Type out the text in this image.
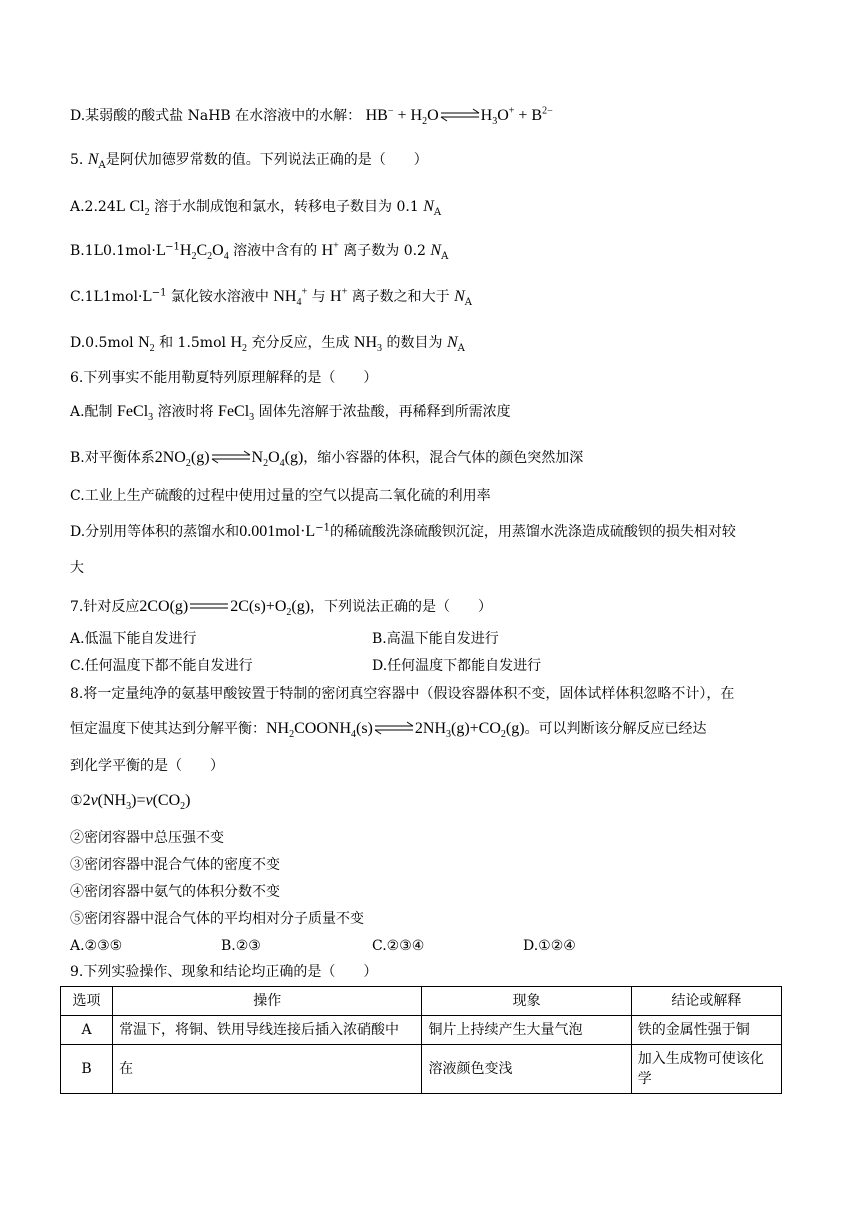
D.某弱酸的酸式盐 NaHB 在水溶液中的水解： $HB^- + H_2O$	$H_3O^+ + B^{2-}$
5. $N_A$是阿伏加德罗常数的值。下列说法正确的是（　　）
A.2.24L $Cl_2$ 溶于水制成饱和氯水，转移电子数目为 0.1 $N_A$
$B.1L0.1mol\cdot L^{-1}H_2C_2O_4$ 溶液中含有的 H+ 离子数为 0.2 $N_A$
$C.1L1mol\cdot L^{-1}$ 氯化铵水溶液中 $NH_4^+$ 与 H+ 离子数之和大于 $N_A$
D.0.5mol $N_2$ 和 1.5mol $H_2$ 充分反应，生成 $NH_3$ 的数目为 $N_A$
6.下列事实不能用勒夏特列原理解释的是（　　）
A.配制 FeCl$_3$ 溶液时将 FeCl$_3$ 固体先溶解于浓盐酸，再稀释到所需浓度
B.对平衡体系$2NO_2(g)$	$N_2O_4(g)$，缩小容器的体积，混合气体的颜色突然加深
C.工业上生产硫酸的过程中使用过量的空气以提高二氧化硫的利用率
D.分别用等体积的蒸馏水和$0.001mol\cdot L^{-1}$的稀硫酸洗涤硫酸钡沉淀，用蒸馏水洗涤造成硫酸钡的损失相对较
大
7.针对反应2CO(g)	$2C(s)+O_2(g)$，下列说法正确的是（　　）
A.低温下能自发进行	B.高温下能自发进行
C.任何温度下都不能自发进行	D.任何温度下都能自发进行
8.将一定量纯净的氨基甲酸铵置于特制的密闭真空容器中（假设容器体积不变，固体试样体积忽略不计），在
恒定温度下使其达到分解平衡：$NH_2COONH_4(s)$	$2NH_3(g)+CO_2(g)$。可以判断该分解反应已经达
到化学平衡的是（　　）
$①2v(NH_3)=v(CO_2)$
②密闭容器中总压强不变
③密闭容器中混合气体的密度不变
④密闭容器中氨气的体积分数不变
⑤密闭容器中混合气体的平均相对分子质量不变
A.②③⑤	B.②③	C.②③④	D.①②④
9.下列实验操作、现象和结论均正确的是（　　）
选项	操作	现象	结论或解释
A	常温下，将铜、铁用导线连接后插入浓硝酸中	铜片上持续产生大量气泡	铁的金属性强于铜
B	在	溶液颜色变浅	加入生成物可使该化学
